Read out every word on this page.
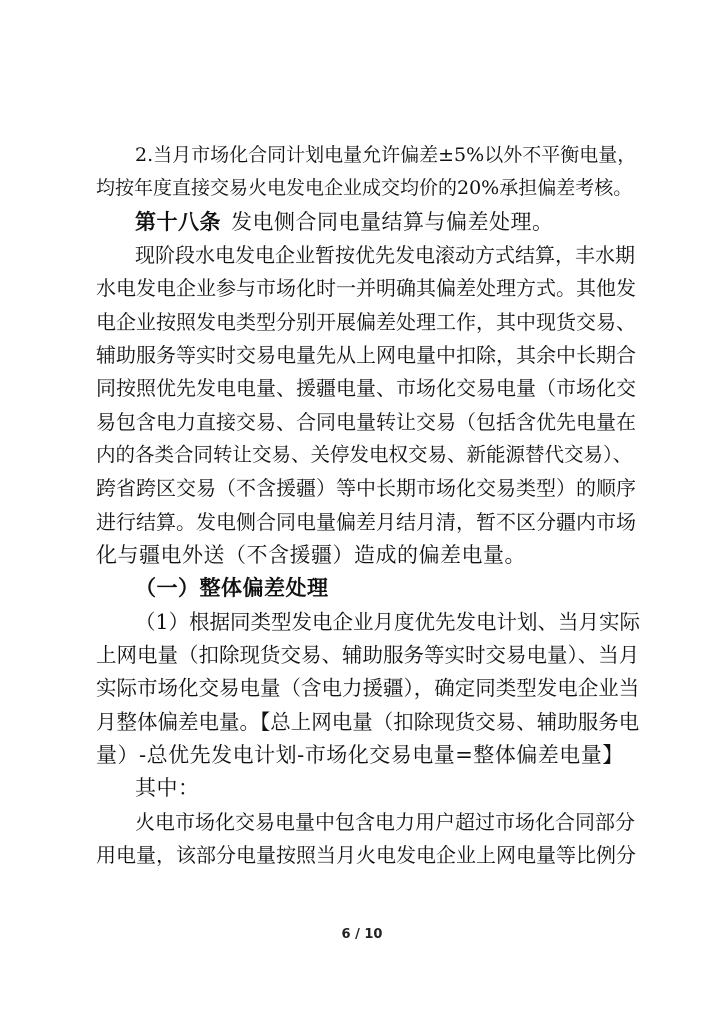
2.当月市场化合同计划电量允许偏差±5%以外不平衡电量，
均按年度直接交易火电发电企业成交均价的20%承担偏差考核。
第十八条 发电侧合同电量结算与偏差处理。
现阶段水电发电企业暂按优先发电滚动方式结算，丰水期
水电发电企业参与市场化时一并明确其偏差处理方式。其他发
电企业按照发电类型分别开展偏差处理工作，其中现货交易、
辅助服务等实时交易电量先从上网电量中扣除，其余中长期合
同按照优先发电电量、援疆电量、市场化交易电量（市场化交
易包含电力直接交易、合同电量转让交易（包括含优先电量在
内的各类合同转让交易、关停发电权交易、新能源替代交易）、
跨省跨区交易（不含援疆）等中长期市场化交易类型）的顺序
进行结算。发电侧合同电量偏差月结月清，暂不区分疆内市场
化与疆电外送（不含援疆）造成的偏差电量。
（一）整体偏差处理
（1）根据同类型发电企业月度优先发电计划、当月实际
上网电量（扣除现货交易、辅助服务等实时交易电量）、当月
实际市场化交易电量（含电力援疆），确定同类型发电企业当
月整体偏差电量。【总上网电量（扣除现货交易、辅助服务电
量）-总优先发电计划-市场化交易电量=整体偏差电量】
其中：
火电市场化交易电量中包含电力用户超过市场化合同部分
用电量，该部分电量按照当月火电发电企业上网电量等比例分
6 / 10
